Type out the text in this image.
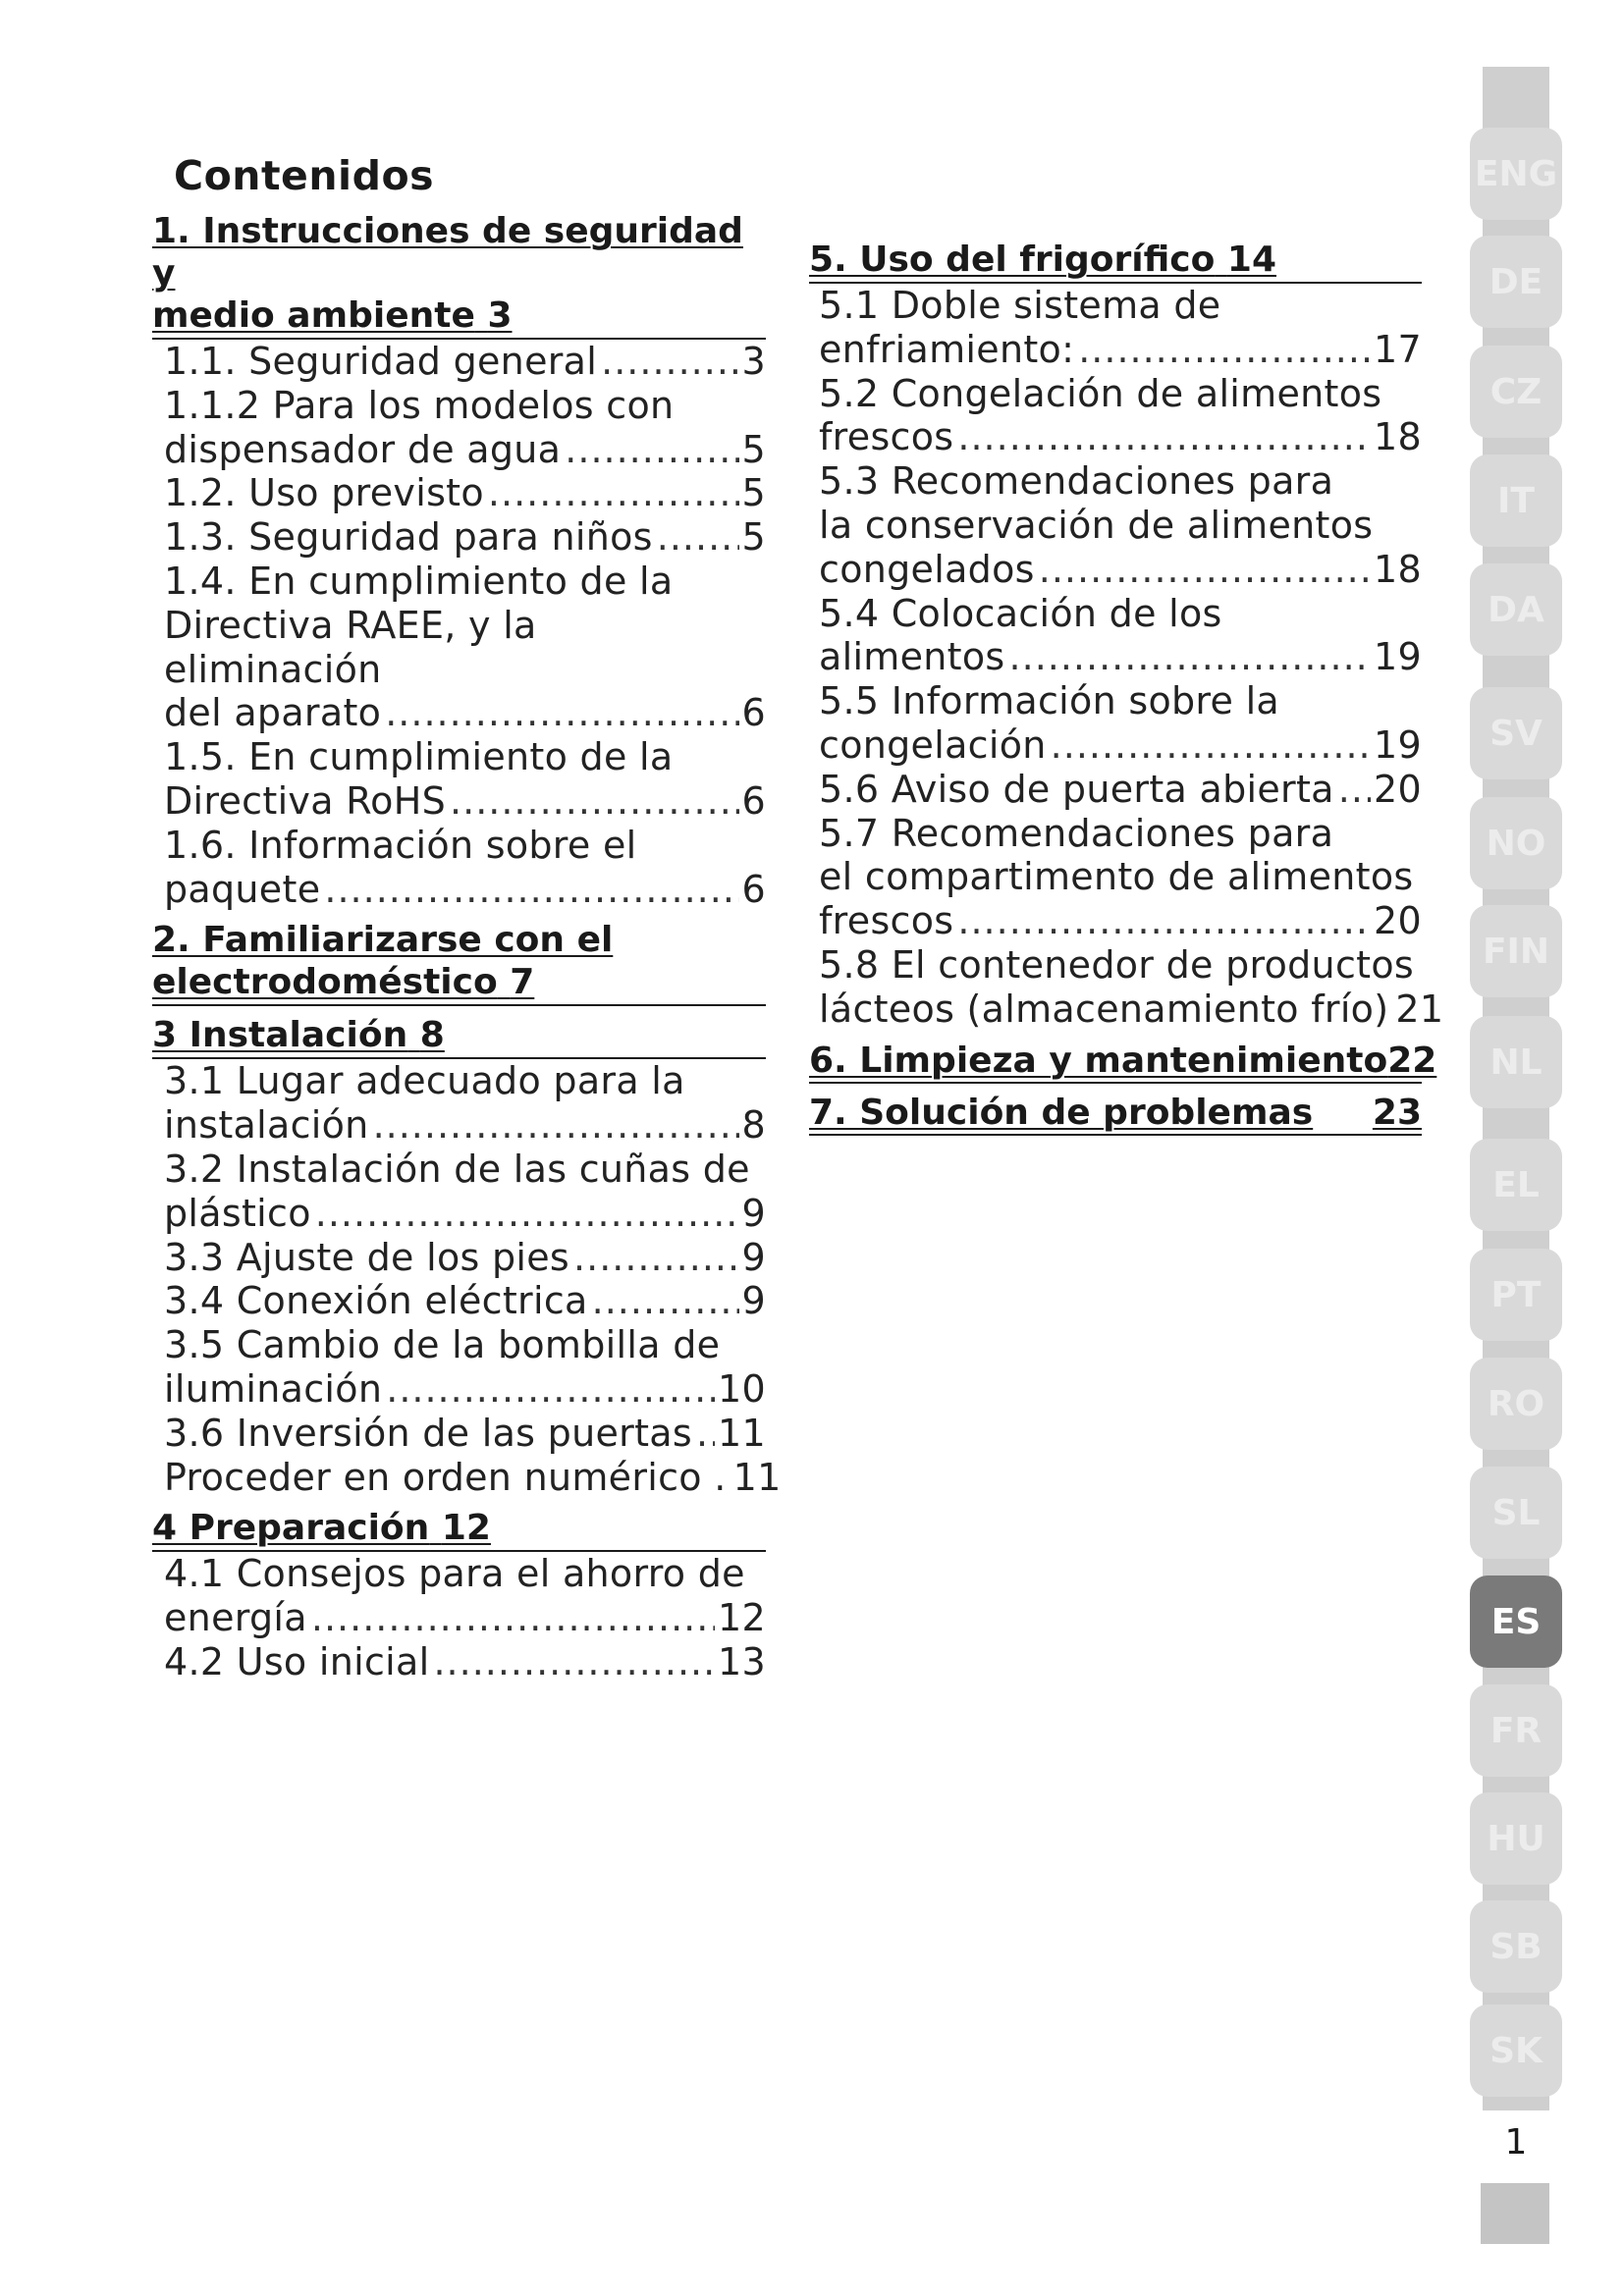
Contenidos
1. Instrucciones de seguridad y
medio ambiente 3
1.1. Seguridad general .....	3
1.1.2 Para los modelos con
dispensador de agua .....	5
1.2. Uso previsto .....	5
1.3. Seguridad para niños ..... 5
1.4. En cumplimiento de la
Directiva RAEE, y la eliminación
del aparato .....	6
1.5. En cumplimiento de la
Directiva RoHS .....	6
1.6. Información sobre el
paquete .....	6
2. Familiarizarse con el
electrodoméstico 7
3 Instalación 8
3.1 Lugar adecuado para la
instalación .....	8
3.2 Instalación de las cuñas de
plástico .....	9
3.3 Ajuste de los pies .....	9
3.4 Conexión eléctrica .....	9
3.5 Cambio de la bombilla de
iluminación .....	10
3.6 Inversión de las puertas ..... 11
Proceder en orden numérico . 11
4 Preparación 12
4.1 Consejos para el ahorro de
energía .....	12
4.2 Uso inicial .....	13
5. Uso del frigorífico 14
5.1 Doble sistema de
enfriamiento: .....	17
5.2 Congelación de alimentos
frescos .....	18
5.3 Recomendaciones para
la conservación de alimentos
congelados .....	18
5.4 Colocación de los
alimentos .....	19
5.5 Información sobre la
congelación .....	19
5.6 Aviso de puerta abierta ..... 20
5.7 Recomendaciones para
el compartimento de alimentos
frescos .....	20
5.8 El contenedor de productos
lácteos (almacenamiento frío) 21
6. Limpieza y mantenimiento 22
7. Solución de problemas 23
ENG
DE
CZ
IT
DA
SV
NO
FIN
NL
EL
PT
RO
SL
ES
FR
HU
SB
SK
1
